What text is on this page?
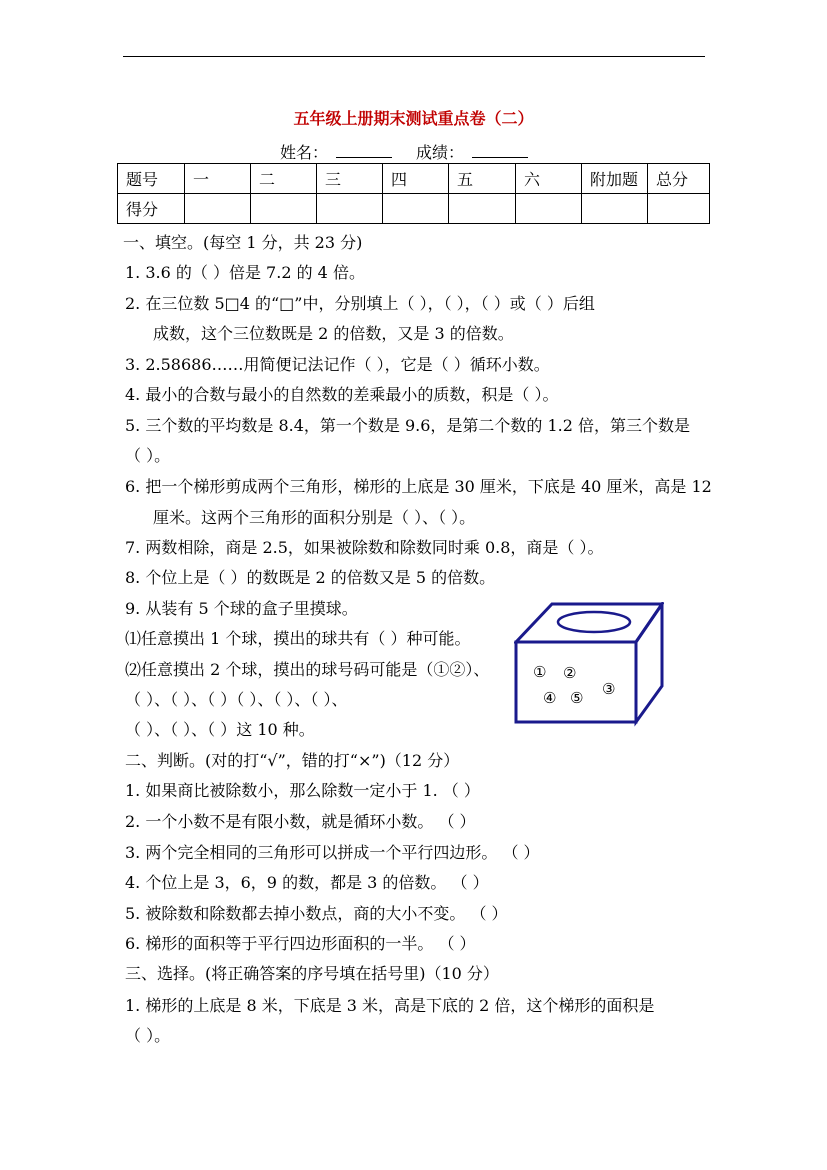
五年级上册期末测试重点卷（二）
姓名：	成绩：
题号	一	二	三	四	五	六	附加题	总分
得分								
一、填空。(每空 1 分，共 23 分)
1. 3.6 的（ ）倍是 7.2 的 4 倍。
2. 在三位数 5□4 的“□”中，分别填上（ ），（ ），（ ）或（ ）后组
成数，这个三位数既是 2 的倍数，又是 3 的倍数。
3. 2.58686……用简便记法记作（ ），它是（ ）循环小数。
4. 最小的合数与最小的自然数的差乘最小的质数，积是（ ）。
5. 三个数的平均数是 8.4，第一个数是 9.6，是第二个数的 1.2 倍，第三个数是
（ ）。
6. 把一个梯形剪成两个三角形，梯形的上底是 30 厘米，下底是 40 厘米，高是 12
厘米。这两个三角形的面积分别是（ ）、（ ）。
7. 两数相除，商是 2.5，如果被除数和除数同时乘 0.8，商是（ ）。
8. 个位上是（ ）的数既是 2 的倍数又是 5 的倍数。
9. 从装有 5 个球的盒子里摸球。
⑴任意摸出 1 个球，摸出的球共有（ ）种可能。
⑵任意摸出 2 个球，摸出的球号码可能是（①②）、
（ ）、（ ）、（ ）（ ）、（ ）、（ ）、
（ ）、（ ）、（ ）这 10 种。
二、判断。(对的打“√”，错的打“×”)（12 分）
1. 如果商比被除数小，那么除数一定小于 1. （ ）
2. 一个小数不是有限小数，就是循环小数。 （ ）
3. 两个完全相同的三角形可以拼成一个平行四边形。 （ ）
4. 个位上是 3，6，9 的数，都是 3 的倍数。 （ ）
5. 被除数和除数都去掉小数点，商的大小不变。 （ ）
6. 梯形的面积等于平行四边形面积的一半。 （ ）
三、选择。(将正确答案的序号填在括号里)（10 分）
1. 梯形的上底是 8 米，下底是 3 米，高是下底的 2 倍，这个梯形的面积是
（ ）。
① ②
③
④ ⑤
